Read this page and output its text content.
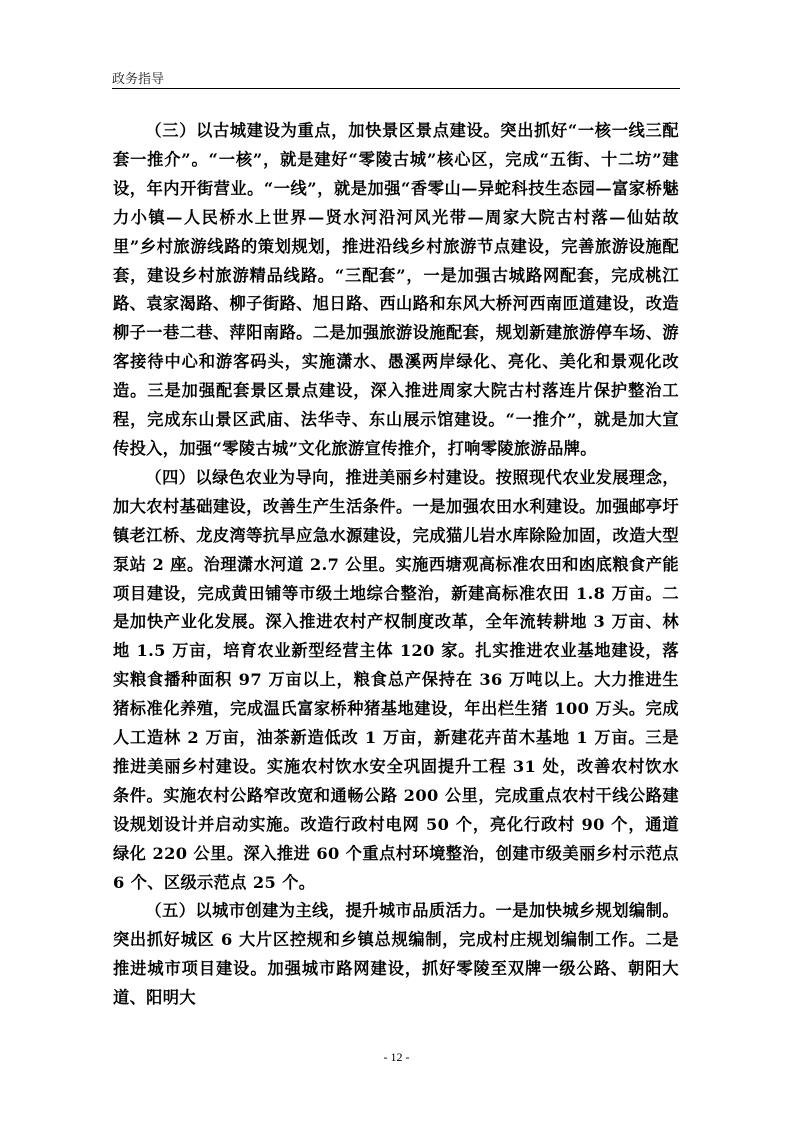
政务指导

（三）以古城建设为重点，加快景区景点建设。突出抓好“一核一线三配套一推介”。“一核”，就是建好“零陵古城”核心区，完成“五街、十二坊”建设，年内开街营业。“一线”，就是加强“香零山—异蛇科技生态园—富家桥魅力小镇—人民桥水上世界—贤水河沿河风光带—周家大院古村落—仙姑故里”乡村旅游线路的策划规划，推进沿线乡村旅游节点建设，完善旅游设施配套，建设乡村旅游精品线路。“三配套”，一是加强古城路网配套，完成桃江路、袁家渴路、柳子街路、旭日路、西山路和东风大桥河西南匝道建设，改造柳子一巷二巷、萍阳南路。二是加强旅游设施配套，规划新建旅游停车场、游客接待中心和游客码头，实施潇水、愚溪两岸绿化、亮化、美化和景观化改造。三是加强配套景区景点建设，深入推进周家大院古村落连片保护整治工程，完成东山景区武庙、法华寺、东山展示馆建设。“一推介”，就是加大宣传投入，加强“零陵古城”文化旅游宣传推介，打响零陵旅游品牌。

（四）以绿色农业为导向，推进美丽乡村建设。按照现代农业发展理念，加大农村基础建设，改善生产生活条件。一是加强农田水利建设。加强邮亭圩镇老江桥、龙皮湾等抗旱应急水源建设，完成猫儿岩水库除险加固，改造大型泵站 2 座。治理潇水河道 2.7 公里。实施西塘观高标准农田和凼底粮食产能项目建设，完成黄田铺等市级土地综合整治，新建高标准农田 1.8 万亩。二是加快产业化发展。深入推进农村产权制度改革，全年流转耕地 3 万亩、林地 1.5 万亩，培育农业新型经营主体 120 家。扎实推进农业基地建设，落实粮食播种面积 97 万亩以上，粮食总产保持在 36 万吨以上。大力推进生猪标准化养殖，完成温氏富家桥种猪基地建设，年出栏生猪 100 万头。完成人工造林 2 万亩，油茶新造低改 1 万亩，新建花卉苗木基地 1 万亩。三是推进美丽乡村建设。实施农村饮水安全巩固提升工程 31 处，改善农村饮水条件。实施农村公路窄改宽和通畅公路 200 公里，完成重点农村干线公路建设规划设计并启动实施。改造行政村电网 50 个，亮化行政村 90 个，通道绿化 220 公里。深入推进 60 个重点村环境整治，创建市级美丽乡村示范点 6 个、区级示范点 25 个。

（五）以城市创建为主线，提升城市品质活力。一是加快城乡规划编制。突出抓好城区 6 大片区控规和乡镇总规编制，完成村庄规划编制工作。二是推进城市项目建设。加强城市路网建设，抓好零陵至双牌一级公路、朝阳大道、阳明大

- 12 -
